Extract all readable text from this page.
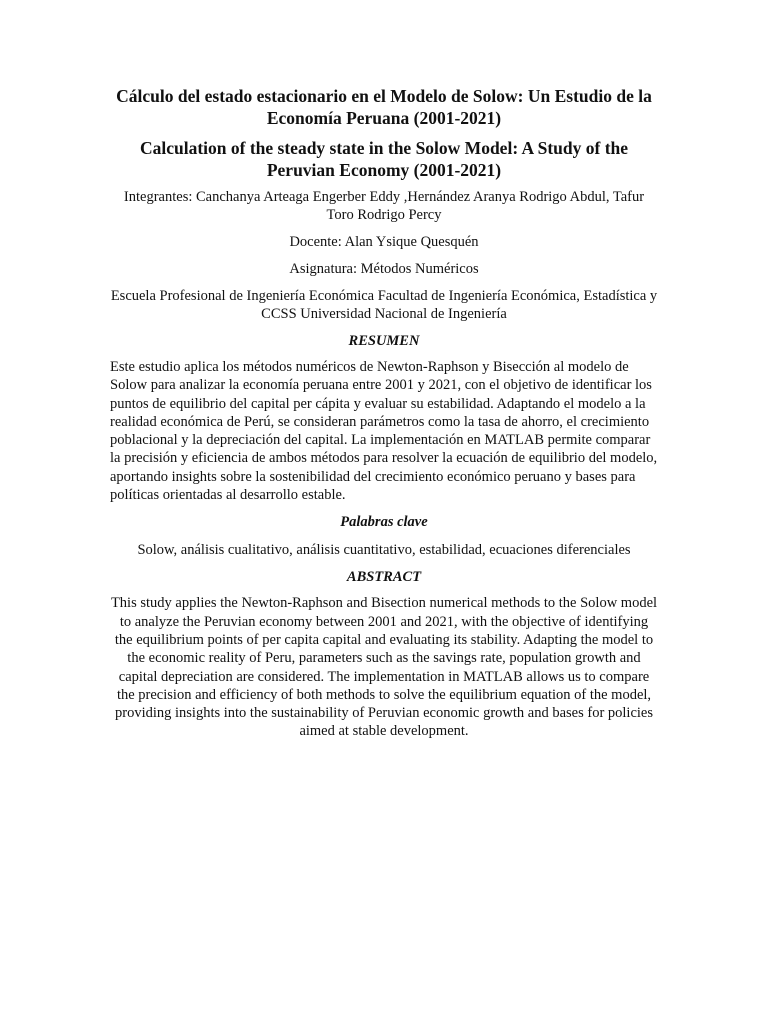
Cálculo del estado estacionario en el Modelo de Solow: Un Estudio de la Economía Peruana (2001-2021)
Calculation of the steady state in the Solow Model: A Study of the Peruvian Economy (2001-2021)

Integrantes: Canchanya Arteaga Engerber Eddy ,Hernández Aranya Rodrigo Abdul, Tafur Toro Rodrigo Percy

Docente: Alan Ysique Quesquén

Asignatura: Métodos Numéricos

Escuela Profesional de Ingeniería Económica Facultad de Ingeniería Económica, Estadística y CCSS Universidad Nacional de Ingeniería

RESUMEN

Este estudio aplica los métodos numéricos de Newton-Raphson y Bisección al modelo de Solow para analizar la economía peruana entre 2001 y 2021, con el objetivo de identificar los puntos de equilibrio del capital per cápita y evaluar su estabilidad. Adaptando el modelo a la realidad económica de Perú, se consideran parámetros como la tasa de ahorro, el crecimiento poblacional y la depreciación del capital. La implementación en MATLAB permite comparar la precisión y eficiencia de ambos métodos para resolver la ecuación de equilibrio del modelo, aportando insights sobre la sostenibilidad del crecimiento económico peruano y bases para políticas orientadas al desarrollo estable.

Palabras clave

Solow, análisis cualitativo, análisis cuantitativo, estabilidad, ecuaciones diferenciales

ABSTRACT

This study applies the Newton-Raphson and Bisection numerical methods to the Solow model to analyze the Peruvian economy between 2001 and 2021, with the objective of identifying the equilibrium points of per capita capital and evaluating its stability. Adapting the model to the economic reality of Peru, parameters such as the savings rate, population growth and capital depreciation are considered. The implementation in MATLAB allows us to compare the precision and efficiency of both methods to solve the equilibrium equation of the model, providing insights into the sustainability of Peruvian economic growth and bases for policies aimed at stable development.
